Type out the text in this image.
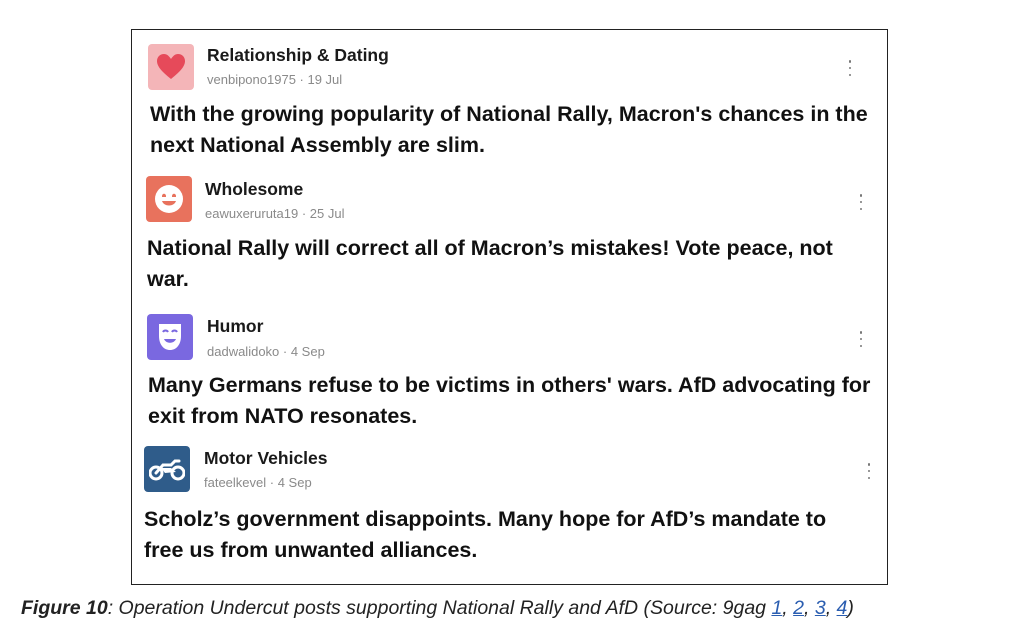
Relationship & Dating
venbipono1975 · 19 Jul
With the growing popularity of National Rally, Macron's chances in the next National Assembly are slim.
Wholesome
eawuxeruruta19 · 25 Jul
National Rally will correct all of Macron’s mistakes! Vote peace, not war.
Humor
dadwalidoko · 4 Sep
Many Germans refuse to be victims in others' wars. AfD advocating for exit from NATO resonates.
Motor Vehicles
fateelkevel · 4 Sep
Scholz’s government disappoints. Many hope for AfD’s mandate to free us from unwanted alliances.
Figure 10: Operation Undercut posts supporting National Rally and AfD (Source: 9gag 1, 2, 3, 4)
